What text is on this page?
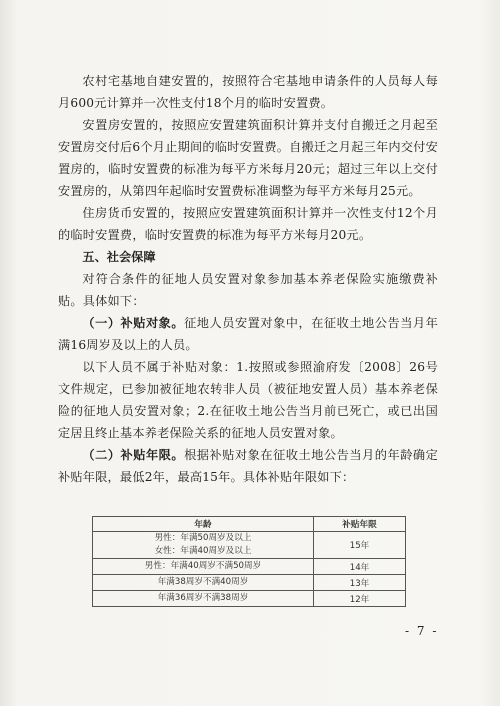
农村宅基地自建安置的，按照符合宅基地申请条件的人员每人每月600元计算并一次性支付18个月的临时安置费。

安置房安置的，按照应安置建筑面积计算并支付自搬迁之月起至安置房交付后6个月止期间的临时安置费。自搬迁之月起三年内交付安置房的，临时安置费的标准为每平方米每月20元；超过三年以上交付安置房的，从第四年起临时安置费标准调整为每平方米每月25元。

住房货币安置的，按照应安置建筑面积计算并一次性支付12个月的临时安置费，临时安置费的标准为每平方米每月20元。

五、社会保障

对符合条件的征地人员安置对象参加基本养老保险实施缴费补贴。具体如下：

（一）补贴对象。征地人员安置对象中，在征收土地公告当月年满16周岁及以上的人员。

以下人员不属于补贴对象：1.按照或参照渝府发〔2008〕26号文件规定，已参加被征地农转非人员（被征地安置人员）基本养老保险的征地人员安置对象；2.在征收土地公告当月前已死亡，或已出国定居且终止基本养老保险关系的征地人员安置对象。

（二）补贴年限。根据补贴对象在征收土地公告当月的年龄确定补贴年限，最低2年，最高15年。具体补贴年限如下：

年龄	补贴年限

男性：年满50周岁及以上
女性：年满40周岁及以上	15年
男性：年满40周岁不满50周岁	14年
年满38周岁不满40周岁	13年
年满36周岁不满38周岁	12年
- 7 -
